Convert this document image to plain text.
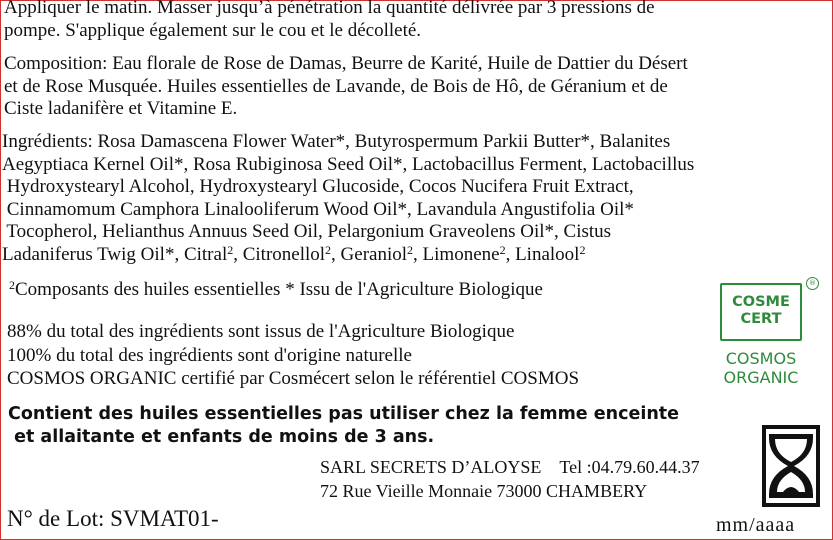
Appliquer le matin. Masser jusqu’à pénétration la quantité délivrée par 3 pressions de
pompe. S'applique également sur le cou et le décolleté.
Composition: Eau florale de Rose de Damas, Beurre de Karité, Huile de Dattier du Désert
et de Rose Musquée. Huiles essentielles de Lavande, de Bois de Hô, de Géranium et de
Ciste ladanifère et Vitamine E.
Ingrédients: Rosa Damascena Flower Water*, Butyrospermum Parkii Butter*, Balanites
Aegyptiaca Kernel Oil*, Rosa Rubiginosa Seed Oil*, Lactobacillus Ferment, Lactobacillus
Hydroxystearyl Alcohol, Hydroxystearyl Glucoside, Cocos Nucifera Fruit Extract,
Cinnamomum Camphora Linalooliferum Wood Oil*, Lavandula Angustifolia Oil*
Tocopherol, Helianthus Annuus Seed Oil, Pelargonium Graveolens Oil*, Cistus
Ladaniferus Twig Oil*, Citral$^2$, Citronellol$^2$, Geraniol$^2$, Limonene$^2$, Linalool$^2$
$^2$Composants des huiles essentielles * Issu de l'Agriculture Biologique
88% du total des ingrédients sont issus de l'Agriculture Biologique
100% du total des ingrédients sont d'origine naturelle
COSMOS ORGANIC certifié par Cosmécert selon le référentiel COSMOS
Contient des huiles essentielles pas utiliser chez la femme enceinte
et allaitante et enfants de moins de 3 ans.
SARL SECRETS D’ALOYSE Tel :04.79.60.44.37
72 Rue Vieille Monnaie 73000 CHAMBERY
N° de Lot: SVMAT01-	mm/aaaa
COSME
CERT
®
COSMOS
ORGANIC
